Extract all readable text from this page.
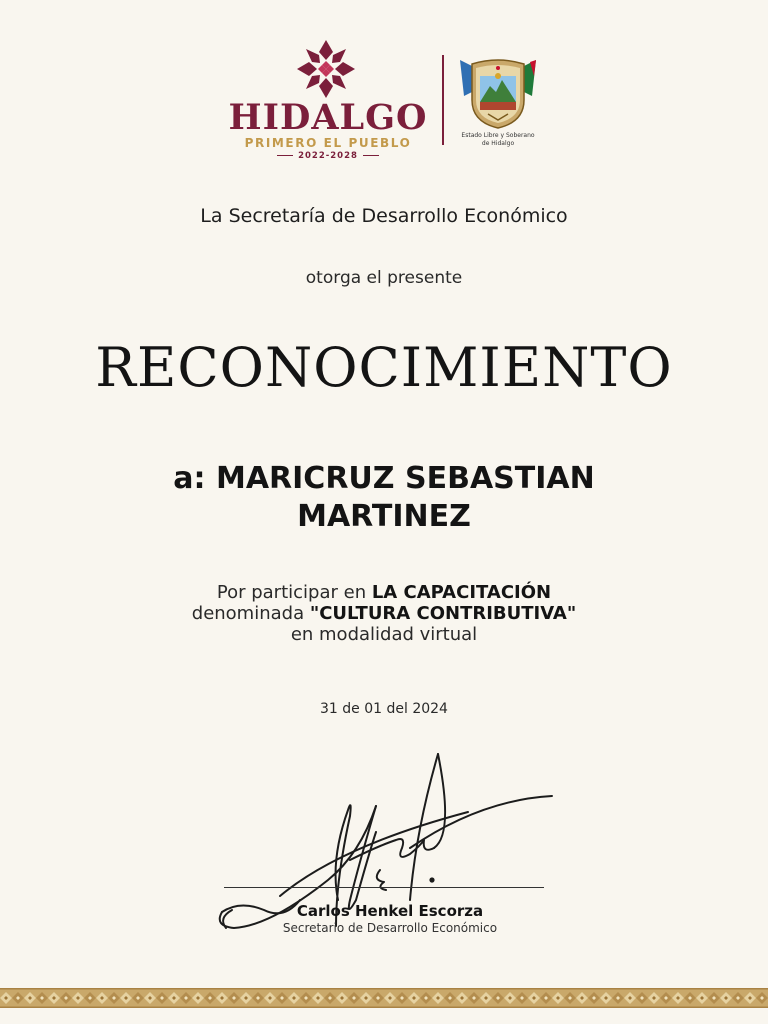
HIDALGO
PRIMERO EL PUEBLO
2022-2028
Estado Libre y Soberano
de Hidalgo
La Secretaría de Desarrollo Económico
otorga el presente
RECONOCIMIENTO
a: MARICRUZ SEBASTIAN
MARTINEZ
Por participar en LA CAPACITACIÓN
denominada "CULTURA CONTRIBUTIVA"
en modalidad virtual
31 de 01 del 2024
Carlos Henkel Escorza
Secretario de Desarrollo Económico
